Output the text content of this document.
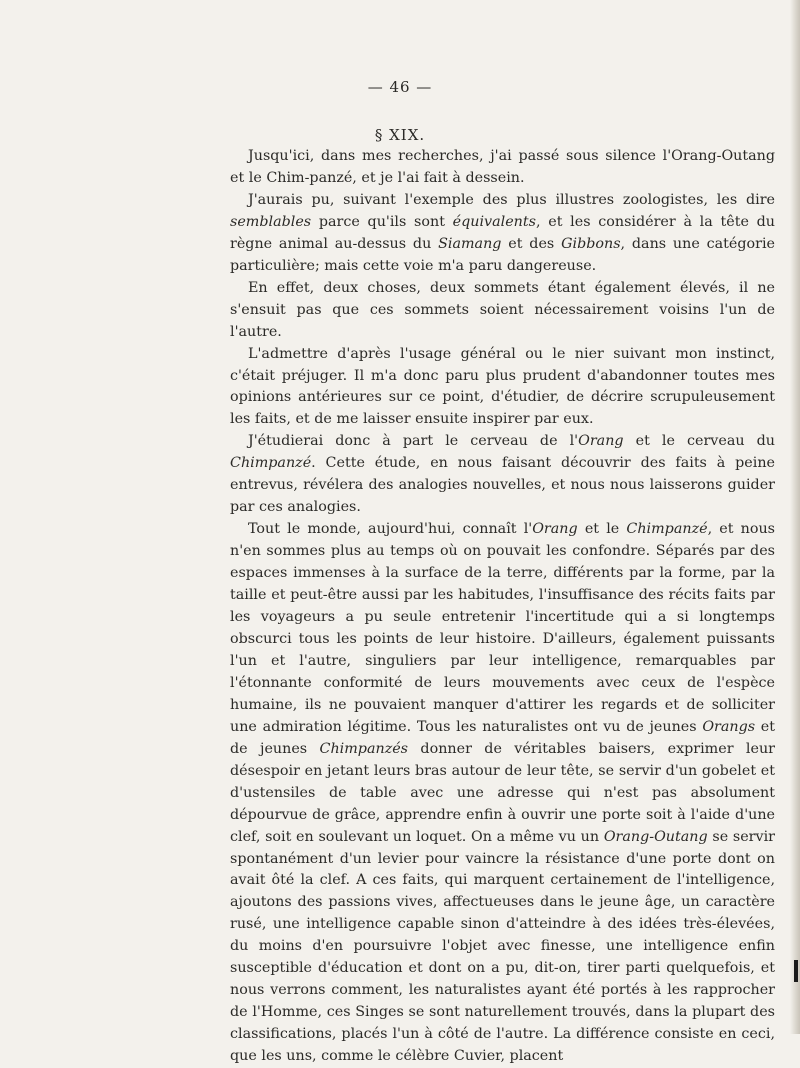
— 46 —
§ XIX.

Jusqu'ici, dans mes recherches, j'ai passé sous silence l'Orang-Outang et le Chim-panzé, et je l'ai fait à dessein.

J'aurais pu, suivant l'exemple des plus illustres zoologistes, les dire semblables parce qu'ils sont équivalents, et les considérer à la tête du règne animal au-dessus du Siamang et des Gibbons, dans une catégorie particulière; mais cette voie m'a paru dangereuse.

En effet, deux choses, deux sommets étant également élevés, il ne s'ensuit pas que ces sommets soient nécessairement voisins l'un de l'autre.

L'admettre d'après l'usage général ou le nier suivant mon instinct, c'était préjuger. Il m'a donc paru plus prudent d'abandonner toutes mes opinions antérieures sur ce point, d'étudier, de décrire scrupuleusement les faits, et de me laisser ensuite inspirer par eux.

J'étudierai donc à part le cerveau de l'Orang et le cerveau du Chimpanzé. Cette étude, en nous faisant découvrir des faits à peine entrevus, révélera des analogies nouvelles, et nous nous laisserons guider par ces analogies.

Tout le monde, aujourd'hui, connaît l'Orang et le Chimpanzé, et nous n'en sommes plus au temps où on pouvait les confondre. Séparés par des espaces immenses à la surface de la terre, différents par la forme, par la taille et peut-être aussi par les habitudes, l'insuffisance des récits faits par les voyageurs a pu seule entretenir l'incertitude qui a si longtemps obscurci tous les points de leur histoire. D'ailleurs, également puissants l'un et l'autre, singuliers par leur intelligence, remarquables par l'étonnante conformité de leurs mouvements avec ceux de l'espèce humaine, ils ne pouvaient manquer d'attirer les regards et de solliciter une admiration légitime. Tous les naturalistes ont vu de jeunes Orangs et de jeunes Chimpanzés donner de véritables baisers, exprimer leur désespoir en jetant leurs bras autour de leur tête, se servir d'un gobelet et d'ustensiles de table avec une adresse qui n'est pas absolument dépourvue de grâce, apprendre enfin à ouvrir une porte soit à l'aide d'une clef, soit en soulevant un loquet. On a même vu un Orang-Outang se servir spontanément d'un levier pour vaincre la résistance d'une porte dont on avait ôté la clef. A ces faits, qui marquent certainement de l'intelligence, ajoutons des passions vives, affectueuses dans le jeune âge, un caractère rusé, une intelligence capable sinon d'atteindre à des idées très-élevées, du moins d'en poursuivre l'objet avec finesse, une intelligence enfin susceptible d'éducation et dont on a pu, dit-on, tirer parti quelquefois, et nous verrons comment, les naturalistes ayant été portés à les rapprocher de l'Homme, ces Singes se sont naturellement trouvés, dans la plupart des classifications, placés l'un à côté de l'autre. La différence consiste en ceci, que les uns, comme le célèbre Cuvier, placent
